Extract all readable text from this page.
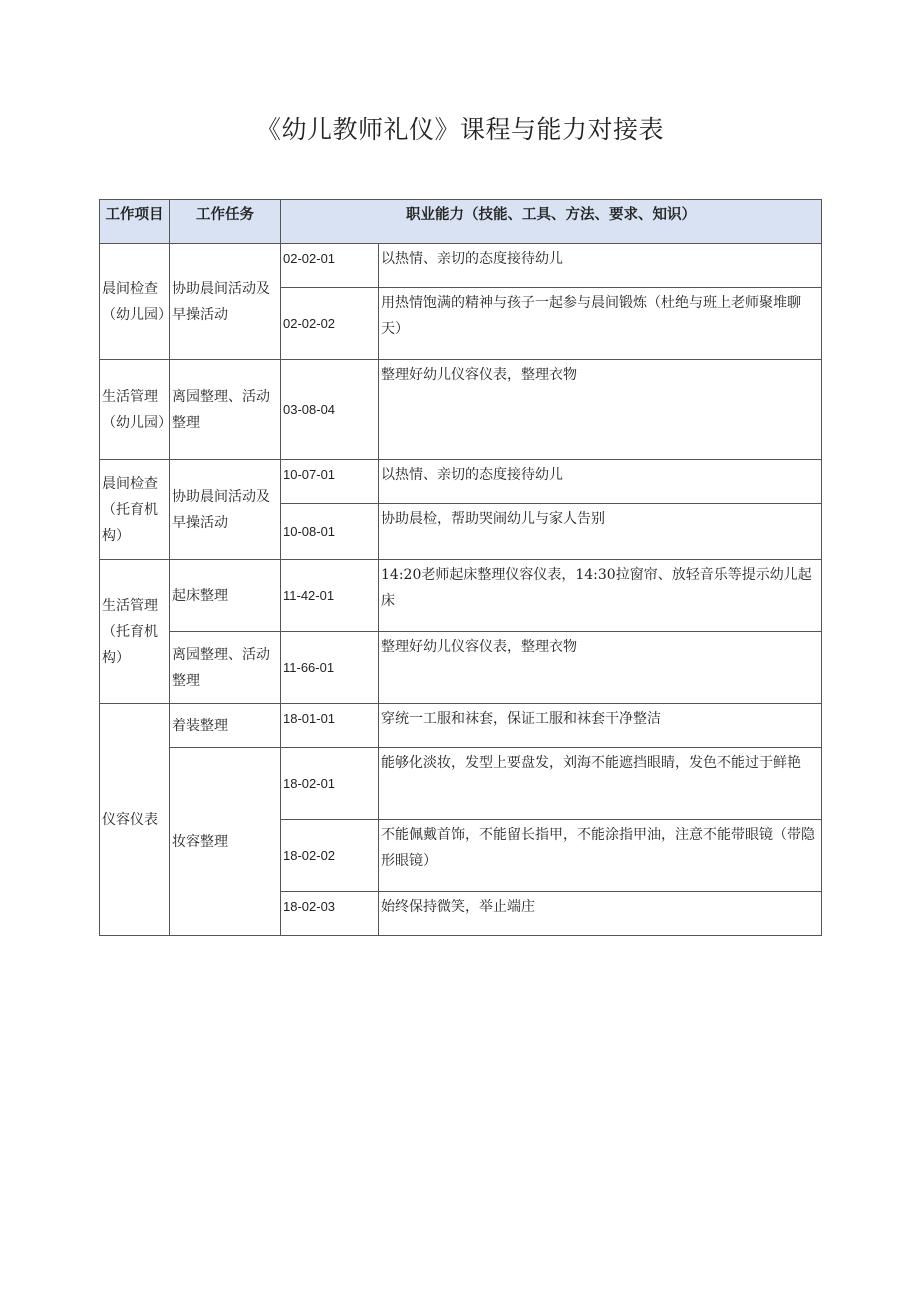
《幼儿教师礼仪》课程与能力对接表
工作项目	工作任务	职业能力（技能、工具、方法、要求、知识）	
晨间检查（幼儿园）	协助晨间活动及早操活动	02-02-01	以热情、亲切的态度接待幼儿
		02-02-02	用热情饱满的精神与孩子一起参与晨间锻炼（杜绝与班上老师聚堆聊天）
生活管理（幼儿园）	离园整理、活动整理	03-08-04	整理好幼儿仪容仪表，整理衣物
晨间检查（托育机构）	协助晨间活动及早操活动	10-07-01	以热情、亲切的态度接待幼儿
		10-08-01	协助晨检，帮助哭闹幼儿与家人告别
生活管理（托育机构）	起床整理	11-42-01	14:20老师起床整理仪容仪表，14:30拉窗帘、放轻音乐等提示幼儿起床
	离园整理、活动整理	11-66-01	整理好幼儿仪容仪表，整理衣物
仪容仪表	着装整理	18-01-01	穿统一工服和袜套，保证工服和袜套干净整洁
	妆容整理	18-02-01	能够化淡妆，发型上要盘发，刘海不能遮挡眼睛，发色不能过于鲜艳
		18-02-02	不能佩戴首饰，不能留长指甲，不能涂指甲油，注意不能带眼镜（带隐形眼镜）
		18-02-03	始终保持微笑，举止端庄
